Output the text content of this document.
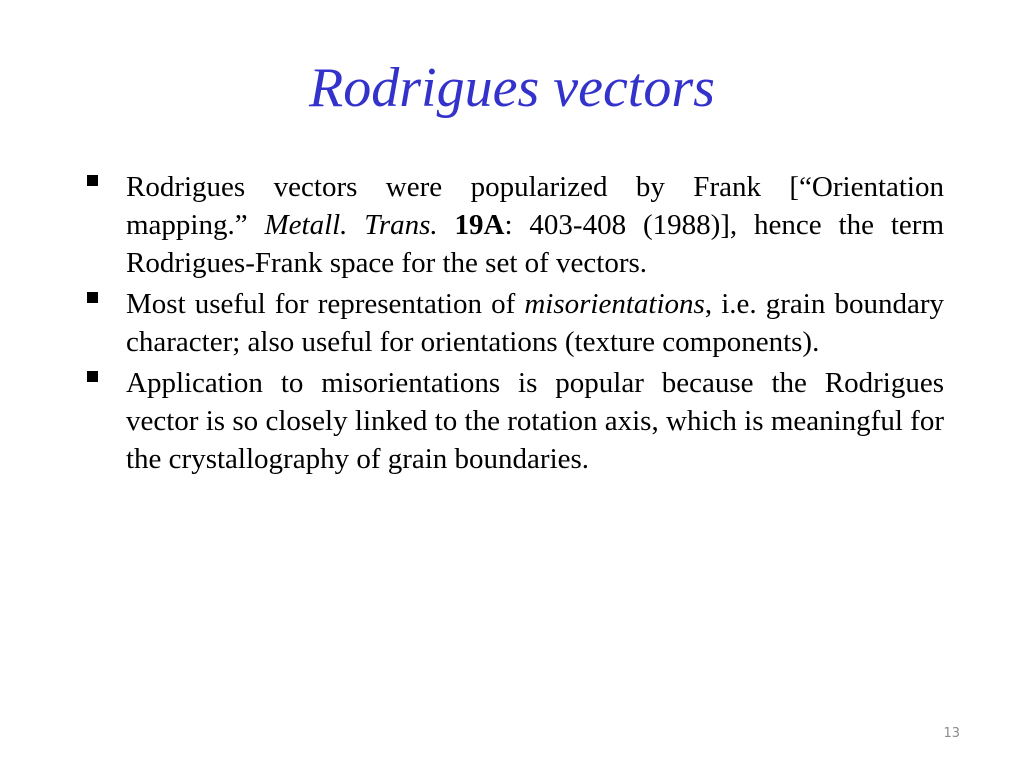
Rodrigues vectors
Rodrigues vectors were popularized by Frank [“Orientation mapping.” Metall. Trans. 19A: 403-408 (1988)], hence the term Rodrigues-Frank space for the set of vectors.
Most useful for representation of misorientations, i.e. grain boundary character; also useful for orientations (texture components).
Application to misorientations is popular because the Rodrigues vector is so closely linked to the rotation axis, which is meaningful for the crystallography of grain boundaries.
13
